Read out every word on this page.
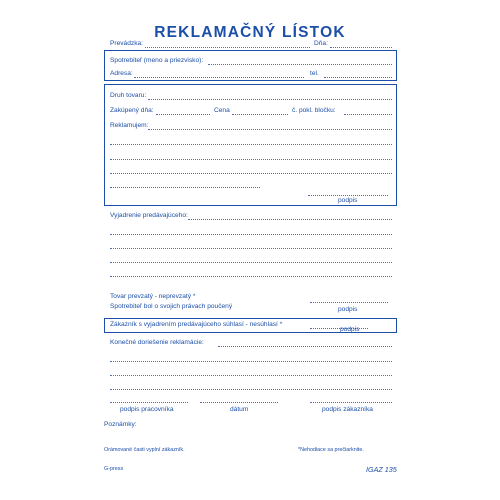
REKLAMAČNÝ LÍSTOK
Prevádzka:	Dňa:
Spotrebiteľ (meno a priezvisko):
Adresa:	tel.
Druh tovaru:
Zakúpený dňa:	Cena	č. pokl. bločku:
Reklamujem:
podpis
Vyjadrenie predávajúceho:
Tovar prevzatý - neprevzatý *
Spotrebiteľ bol o svojich právach poučený	podpis
Zákazník s vyjadrením predávajúceho súhlasí - nesúhlasí *
podpis
Konečné doriešenie reklamácie:
podpis pracovníka	dátum	podpis zákazníka
Poznámky:
Orámované časti vyplní zákazník.	*Nehodiace sa prečiarknite.
G-press	IGAZ 135
